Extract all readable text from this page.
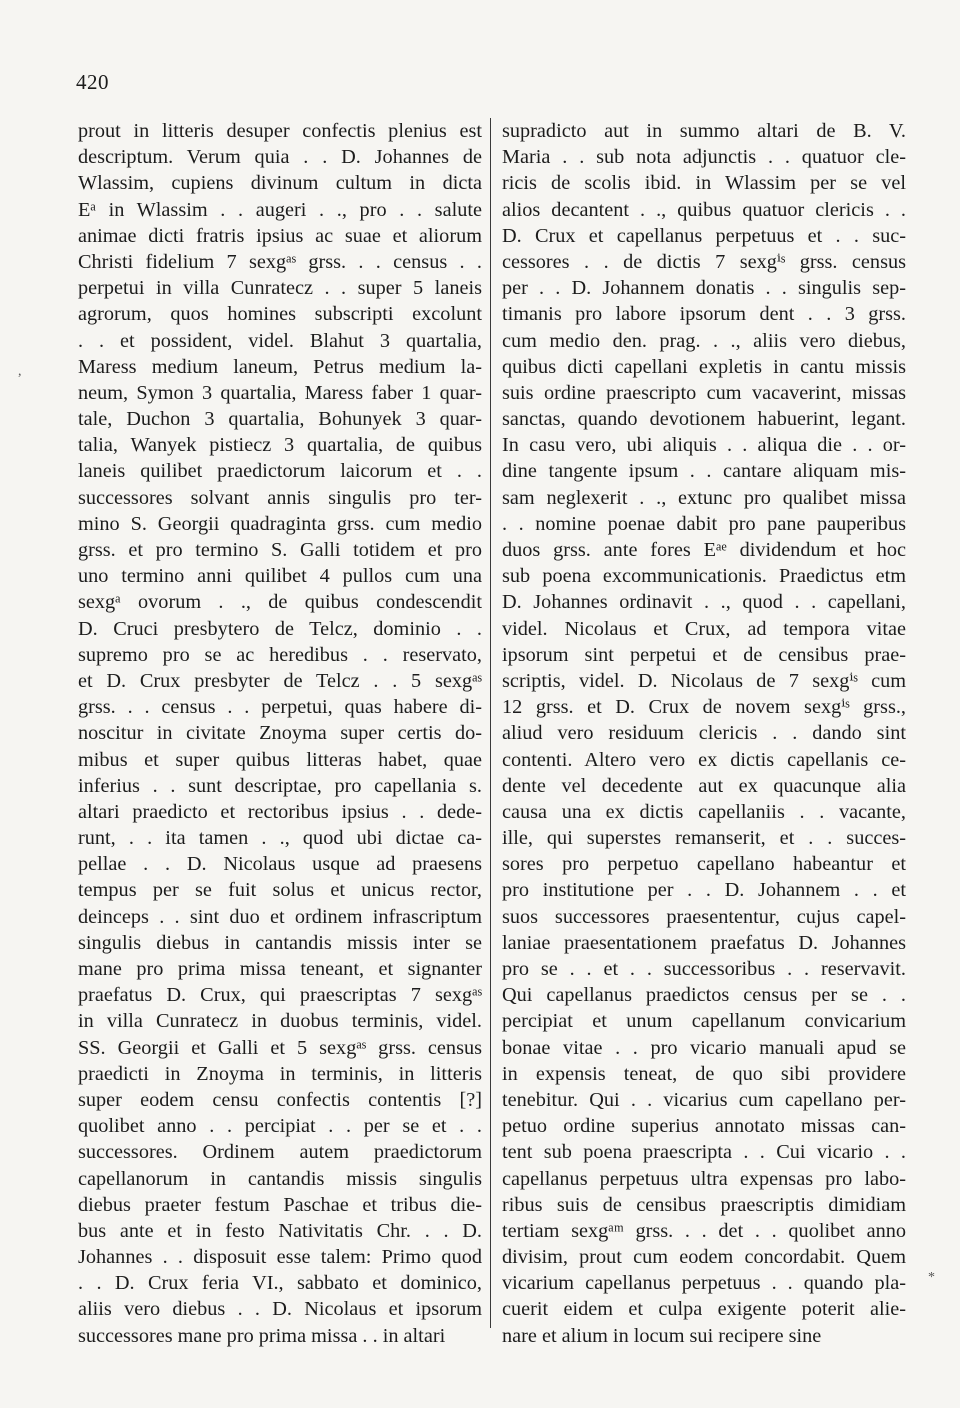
420
prout in litteris desuper confectis plenius est
descriptum. Verum quia . . D. Johannes de
Wlassim, cupiens divinum cultum in dicta
Eᵃ in Wlassim . . augeri . ., pro . . salute
animae dicti fratris ipsius ac suae et aliorum
Christi fidelium 7 sexgᵃˢ grss. . . census . .
perpetui in villa Cunratecz . . super 5 laneis
agrorum, quos homines subscripti excolunt
. . et possident, videl. Blahut 3 quartalia,
Maress medium laneum, Petrus medium la-
neum, Symon 3 quartalia, Maress faber 1 quar-
tale, Duchon 3 quartalia, Bohunyek 3 quar-
talia, Wanyek pistiecz 3 quartalia, de quibus
laneis quilibet praedictorum laicorum et . .
successores solvant annis singulis pro ter-
mino S. Georgii quadraginta grss. cum medio
grss. et pro termino S. Galli totidem et pro
uno termino anni quilibet 4 pullos cum una
sexgᵃ ovorum . ., de quibus condescendit
D. Cruci presbytero de Telcz, dominio . .
supremo pro se ac heredibus . . reservato,
et D. Crux presbyter de Telcz . . 5 sexgᵃˢ
grss. . . census . . perpetui, quas habere di-
noscitur in civitate Znoyma super certis do-
mibus et super quibus litteras habet, quae
inferius . . sunt descriptae, pro capellania s.
altari praedicto et rectoribus ipsius . . dede-
runt, . . ita tamen . ., quod ubi dictae ca-
pellae . . D. Nicolaus usque ad praesens
tempus per se fuit solus et unicus rector,
deinceps . . sint duo et ordinem infrascriptum
singulis diebus in cantandis missis inter se
mane pro prima missa teneant, et signanter
praefatus D. Crux, qui praescriptas 7 sexgᵃˢ
in villa Cunratecz in duobus terminis, videl.
SS. Georgii et Galli et 5 sexgᵃˢ grss. census
praedicti in Znoyma in terminis, in litteris
super eodem censu confectis contentis [?]
quolibet anno . . percipiat . . per se et . .
successores. Ordinem autem praedictorum
capellanorum in cantandis missis singulis
diebus praeter festum Paschae et tribus die-
bus ante et in festo Nativitatis Chr. . . D.
Johannes . . disposuit esse talem: Primo quod
. . D. Crux feria VI., sabbato et dominico,
aliis vero diebus . . D. Nicolaus et ipsorum
successores mane pro prima missa . . in altari
supradicto aut in summo altari de B. V.
Maria . . sub nota adjunctis . . quatuor cle-
ricis de scolis ibid. in Wlassim per se vel
alios decantent . ., quibus quatuor clericis . .
D. Crux et capellanus perpetuus et . . suc-
cessores . . de dictis 7 sexgⁱˢ grss. census
per . . D. Johannem donatis . . singulis sep-
timanis pro labore ipsorum dent . . 3 grss.
cum medio den. prag. . ., aliis vero diebus,
quibus dicti capellani expletis in cantu missis
suis ordine praescripto cum vacaverint, missas
sanctas, quando devotionem habuerint, legant.
In casu vero, ubi aliquis . . aliqua die . . or-
dine tangente ipsum . . cantare aliquam mis-
sam neglexerit . ., extunc pro qualibet missa
. . nomine poenae dabit pro pane pauperibus
duos grss. ante fores Eᵃᵉ dividendum et hoc
sub poena excommunicationis. Praedictus etm
D. Johannes ordinavit . ., quod . . capellani,
videl. Nicolaus et Crux, ad tempora vitae
ipsorum sint perpetui et de censibus prae-
scriptis, videl. D. Nicolaus de 7 sexgⁱˢ cum
12 grss. et D. Crux de novem sexgⁱˢ grss.,
aliud vero residuum clericis . . dando sint
contenti. Altero vero ex dictis capellanis ce-
dente vel decedente aut ex quacunque alia
causa una ex dictis capellaniis . . vacante,
ille, qui superstes remanserit, et . . succes-
sores pro perpetuo capellano habeantur et
pro institutione per . . D. Johannem . . et
suos successores praesententur, cujus capel-
laniae praesentationem praefatus D. Johannes
pro se . . et . . successoribus . . reservavit.
Qui capellanus praedictos census per se . .
percipiat et unum capellanum convicarium
bonae vitae . . pro vicario manuali apud se
in expensis teneat, de quo sibi providere
tenebitur. Qui . . vicarius cum capellano per-
petuo ordine superius annotato missas can-
tent sub poena praescripta . . Cui vicario . .
capellanus perpetuus ultra expensas pro labo-
ribus suis de censibus praescriptis dimidiam
tertiam sexgᵃᵐ grss. . . det . . quolibet anno
divisim, prout cum eodem concordabit. Quem
vicarium capellanus perpetuus . . quando pla-
cuerit eidem et culpa exigente poterit alie-
nare et alium in locum sui recipere sine
,
*
